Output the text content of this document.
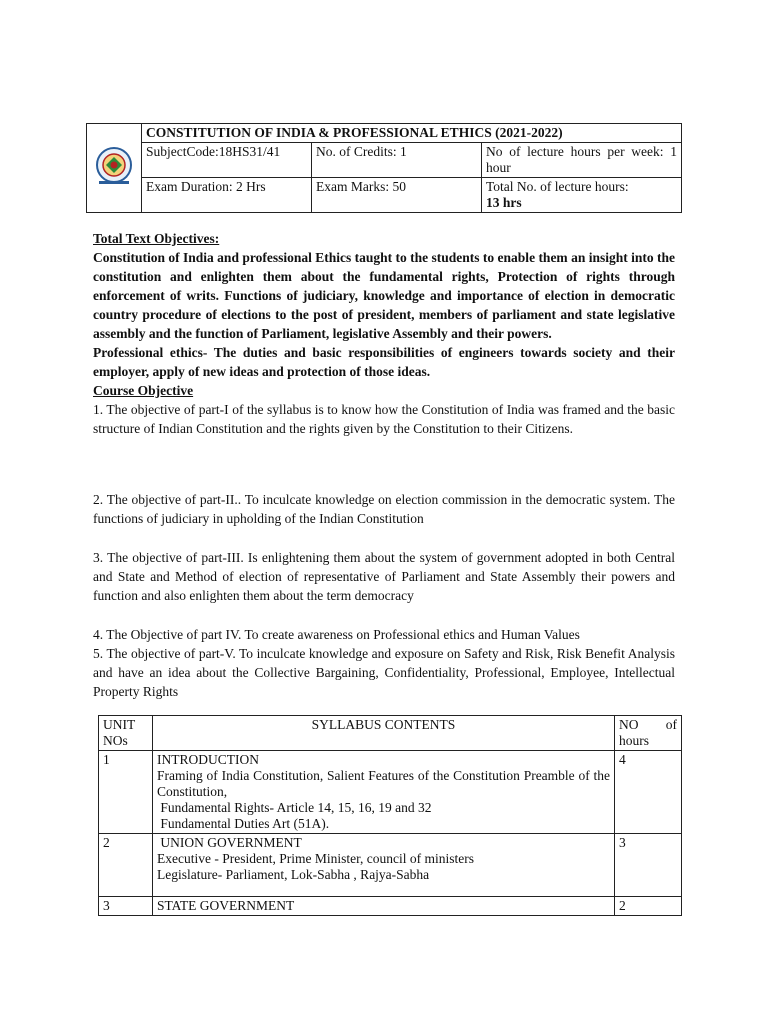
	CONSTITUTION OF INDIA & PROFESSIONAL ETHICS (2021-2022)		
	SubjectCode:18HS31/41	No. of Credits: 1	No of lecture hours per week: 1 hour

	Exam Duration: 2 Hrs	Exam Marks: 50	Total No. of lecture hours:
13 hrs

Total Text Objectives:

Constitution of India and professional Ethics taught to the students to enable them an insight into the constitution and enlighten them about the fundamental rights, Protection of rights through enforcement of writs. Functions of judiciary, knowledge and importance of election in democratic country procedure of elections to the post of president, members of parliament and state legislative assembly and the function of Parliament, legislative Assembly and their powers.

Professional ethics- The duties and basic responsibilities of engineers towards society and their employer, apply of new ideas and protection of those ideas.

Course Objective

1. The objective of part-I of the syllabus is to know how the Constitution of India was framed and the basic structure of Indian Constitution and the rights given by the Constitution to their Citizens.

2. The objective of part-II.. To inculcate knowledge on election commission in the democratic system. The functions of judiciary in upholding of the Indian Constitution

3. The objective of part-III. Is enlightening them about the system of government adopted in both Central and State and Method of election of representative of Parliament and State Assembly their powers and function and also enlighten them about the term democracy

4. The Objective of part IV. To create awareness on Professional ethics and Human Values

5. The objective of part-V. To inculcate knowledge and exposure on Safety and Risk, Risk Benefit Analysis and have an idea about the Collective Bargaining, Confidentiality, Professional, Employee, Intellectual Property Rights

UNIT NOs	SYLLABUS CONTENTS	NO of hours
1	INTRODUCTION
Framing of India Constitution, Salient Features of the Constitution Preamble of the Constitution,
Fundamental Rights- Article 14, 15, 16, 19 and 32
Fundamental Duties Art (51A).	4
2	UNION GOVERNMENT
Executive - President, Prime Minister, council of ministers
Legislature- Parliament, Lok-Sabha , Rajya-Sabha	3
3	STATE GOVERNMENT	2
